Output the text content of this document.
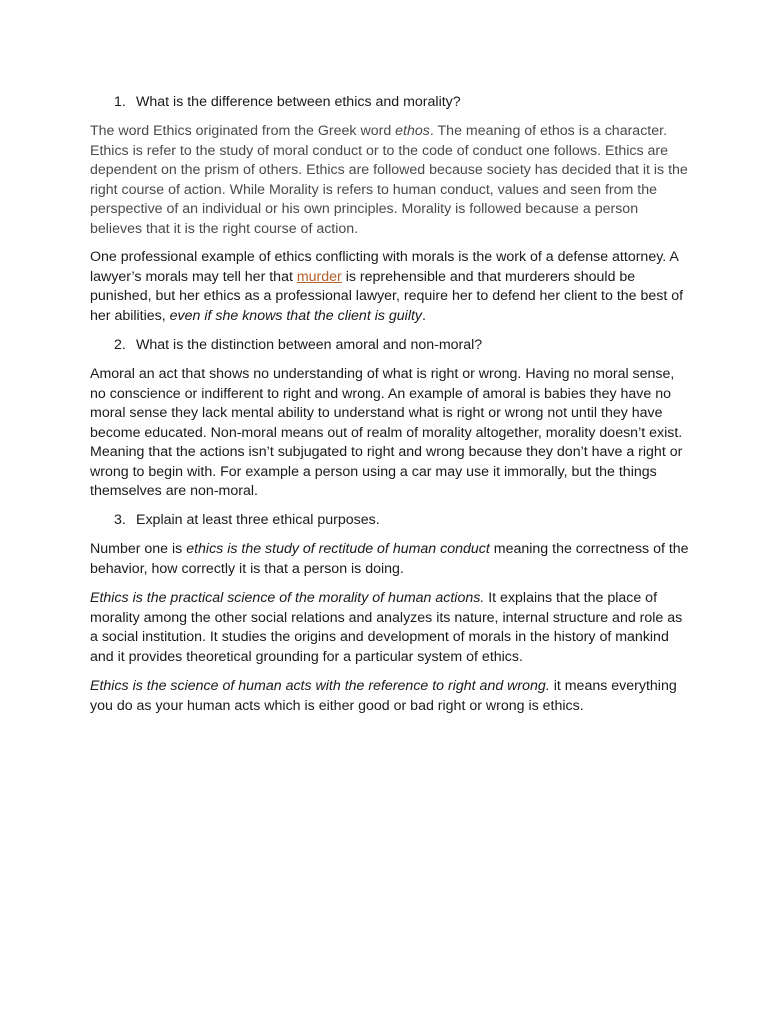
1. What is the difference between ethics and morality?

The word Ethics originated from the Greek word ethos. The meaning of ethos is a character. Ethics is refer to the study of moral conduct or to the code of conduct one follows. Ethics are dependent on the prism of others. Ethics are followed because society has decided that it is the right course of action. While Morality is refers to human conduct, values and seen from the perspective of an individual or his own principles. Morality is followed because a person believes that it is the right course of action.

One professional example of ethics conflicting with morals is the work of a defense attorney. A lawyer’s morals may tell her that murder is reprehensible and that murderers should be punished, but her ethics as a professional lawyer, require her to defend her client to the best of her abilities, even if she knows that the client is guilty.

2. What is the distinction between amoral and non-moral?

Amoral an act that shows no understanding of what is right or wrong. Having no moral sense, no conscience or indifferent to right and wrong. An example of amoral is babies they have no moral sense they lack mental ability to understand what is right or wrong not until they have become educated. Non-moral means out of realm of morality altogether, morality doesn’t exist. Meaning that the actions isn’t subjugated to right and wrong because they don’t have a right or wrong to begin with. For example a person using a car may use it immorally, but the things themselves are non-moral.

3. Explain at least three ethical purposes.

Number one is ethics is the study of rectitude of human conduct meaning the correctness of the behavior, how correctly it is that a person is doing.

Ethics is the practical science of the morality of human actions. It explains that the place of morality among the other social relations and analyzes its nature, internal structure and role as a social institution. It studies the origins and development of morals in the history of mankind and it provides theoretical grounding for a particular system of ethics.

Ethics is the science of human acts with the reference to right and wrong. it means everything you do as your human acts which is either good or bad right or wrong is ethics.
